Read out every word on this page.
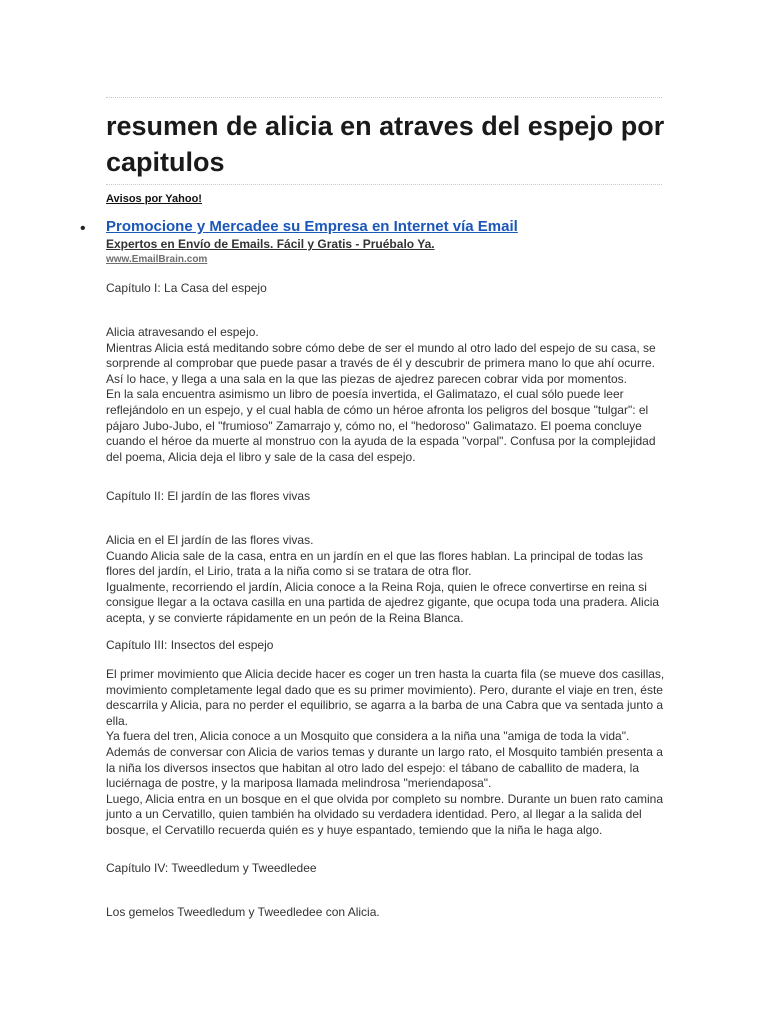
resumen de alicia en atraves del espejo por capitulos
Avisos por Yahoo!
• Promocione y Mercadee su Empresa en Internet vía Email
Expertos en Envío de Emails. Fácil y Gratis - Pruébalo Ya.
www.EmailBrain.com
Capítulo I: La Casa del espejo

Alicia atravesando el espejo.

Mientras Alicia está meditando sobre cómo debe de ser el mundo al otro lado del espejo de su casa, se sorprende al comprobar que puede pasar a través de él y descubrir de primera mano lo que ahí ocurre. Así lo hace, y llega a una sala en la que las piezas de ajedrez parecen cobrar vida por momentos.

En la sala encuentra asimismo un libro de poesía invertida, el Galimatazo, el cual sólo puede leer reflejándolo en un espejo, y el cual habla de cómo un héroe afronta los peligros del bosque "tulgar": el pájaro Jubo-Jubo, el "frumioso" Zamarrajo y, cómo no, el "hedoroso" Galimatazo. El poema concluye cuando el héroe da muerte al monstruo con la ayuda de la espada "vorpal". Confusa por la complejidad del poema, Alicia deja el libro y sale de la casa del espejo.

Capítulo II: El jardín de las flores vivas

Alicia en el El jardín de las flores vivas.

Cuando Alicia sale de la casa, entra en un jardín en el que las flores hablan. La principal de todas las flores del jardín, el Lirio, trata a la niña como si se tratara de otra flor.

Igualmente, recorriendo el jardín, Alicia conoce a la Reina Roja, quien le ofrece convertirse en reina si consigue llegar a la octava casilla en una partida de ajedrez gigante, que ocupa toda una pradera. Alicia acepta, y se convierte rápidamente en un peón de la Reina Blanca.

Capítulo III: Insectos del espejo

El primer movimiento que Alicia decide hacer es coger un tren hasta la cuarta fila (se mueve dos casillas, movimiento completamente legal dado que es su primer movimiento). Pero, durante el viaje en tren, éste descarrila y Alicia, para no perder el equilibrio, se agarra a la barba de una Cabra que va sentada junto a ella.

Ya fuera del tren, Alicia conoce a un Mosquito que considera a la niña una "amiga de toda la vida". Además de conversar con Alicia de varios temas y durante un largo rato, el Mosquito también presenta a la niña los diversos insectos que habitan al otro lado del espejo: el tábano de caballito de madera, la luciérnaga de postre, y la mariposa llamada melindrosa "meriendaposa".

Luego, Alicia entra en un bosque en el que olvida por completo su nombre. Durante un buen rato camina junto a un Cervatillo, quien también ha olvidado su verdadera identidad. Pero, al llegar a la salida del bosque, el Cervatillo recuerda quién es y huye espantado, temiendo que la niña le haga algo.

Capítulo IV: Tweedledum y Tweedledee

Los gemelos Tweedledum y Tweedledee con Alicia.
